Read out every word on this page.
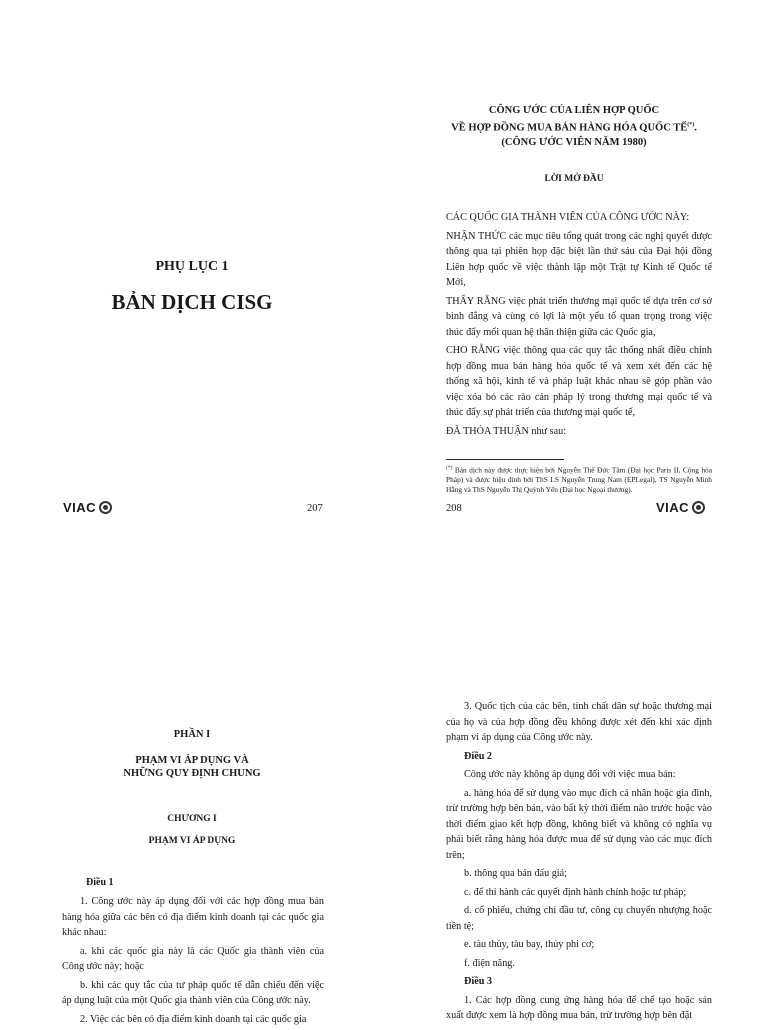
PHỤ LỤC 1
BẢN DỊCH CISG
VIAC	207
CÔNG ƯỚC CỦA LIÊN HỢP QUỐC
VỀ HỢP ĐỒNG MUA BÁN HÀNG HÓA QUỐC TẾ(*).
(CÔNG ƯỚC VIÊN NĂM 1980)
LỜI MỞ ĐẦU

CÁC QUỐC GIA THÀNH VIÊN CỦA CÔNG ƯỚC NÀY:

NHẬN THỨC các mục tiêu tổng quát trong các nghị quyết được thông qua tại phiên họp đặc biệt lần thứ sáu của Đại hội đồng Liên hợp quốc về việc thành lập một Trật tự Kinh tế Quốc tế Mới,

THẤY RẰNG việc phát triển thương mại quốc tế dựa trên cơ sở bình đẳng và cùng có lợi là một yếu tố quan trọng trong việc thúc đẩy mối quan hệ thân thiện giữa các Quốc gia,

CHO RẰNG việc thông qua các quy tắc thống nhất điều chỉnh hợp đồng mua bán hàng hóa quốc tế và xem xét đến các hệ thống xã hội, kinh tế và pháp luật khác nhau sẽ góp phần vào việc xóa bỏ các rào cản pháp lý trong thương mại quốc tế và thúc đẩy sự phát triển của thương mại quốc tế,

ĐÃ THỎA THUẬN như sau:

(*) Bản dịch này được thực hiện bởi Nguyễn Thế Đức Tâm (Đại học Paris II, Cộng hòa Pháp) và được hiệu đính bởi ThS LS Nguyễn Trung Nam (EPLegal), TS Nguyễn Minh Hằng và ThS Nguyễn Thị Quỳnh Yến (Đại học Ngoại thương).
208	VIAC
PHẦN I
PHẠM VI ÁP DỤNG VÀ
NHỮNG QUY ĐỊNH CHUNG
CHƯƠNG I
PHẠM VI ÁP DỤNG
Điều 1

1. Công ước này áp dụng đối với các hợp đồng mua bán hàng hóa giữa các bên có địa điểm kinh doanh tại các quốc gia khác nhau:

a. khi các quốc gia này là các Quốc gia thành viên của Công ước này; hoặc

b. khi các quy tắc của tư pháp quốc tế dẫn chiếu đến việc áp dụng luật của một Quốc gia thành viên của Công ước này.

2. Việc các bên có địa điểm kinh doanh tại các quốc gia

3. Quốc tịch của các bên, tính chất dân sự hoặc thương mại của họ và của hợp đồng đều không được xét đến khi xác định phạm vi áp dụng của Công ước này.

Điều 2

Công ước này không áp dụng đối với việc mua bán:

a. hàng hóa để sử dụng vào mục đích cá nhân hoặc gia đình, trừ trường hợp bên bán, vào bất kỳ thời điểm nào trước hoặc vào thời điểm giao kết hợp đồng, không biết và không có nghĩa vụ phải biết rằng hàng hóa được mua để sử dụng vào các mục đích trên;

b. thông qua bán đấu giá;

c. để thi hành các quyết định hành chính hoặc tư pháp;

d. cổ phiếu, chứng chỉ đầu tư, công cụ chuyển nhượng hoặc tiền tệ;

e. tàu thủy, tàu bay, thủy phi cơ;

f. điện năng.

Điều 3

1. Các hợp đồng cung ứng hàng hóa để chế tạo hoặc sản xuất được xem là hợp đồng mua bán, trừ trường hợp bên đặt
